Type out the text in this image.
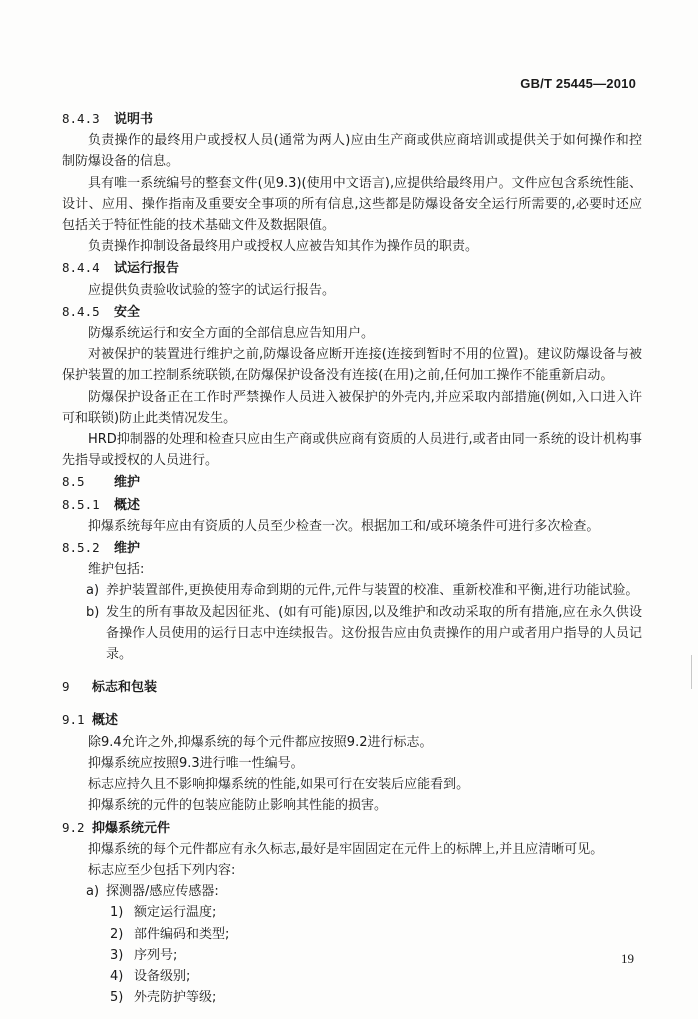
GB/T 25445—2010
8.4.3 说明书
负责操作的最终用户或授权人员(通常为两人)应由生产商或供应商培训或提供关于如何操作和控制防爆设备的信息。
具有唯一系统编号的整套文件(见9.3)(使用中文语言),应提供给最终用户。文件应包含系统性能、设计、应用、操作指南及重要安全事项的所有信息,这些都是防爆设备安全运行所需要的,必要时还应包括关于特征性能的技术基础文件及数据限值。
负责操作抑制设备最终用户或授权人应被告知其作为操作员的职责。
8.4.4 试运行报告
应提供负责验收试验的签字的试运行报告。
8.4.5 安全
防爆系统运行和安全方面的全部信息应告知用户。
对被保护的装置进行维护之前,防爆设备应断开连接(连接到暂时不用的位置)。建议防爆设备与被保护装置的加工控制系统联锁,在防爆保护设备没有连接(在用)之前,任何加工操作不能重新启动。
防爆保护设备正在工作时严禁操作人员进入被保护的外壳内,并应采取内部措施(例如,入口进入许可和联锁)防止此类情况发生。
HRD抑制器的处理和检查只应由生产商或供应商有资质的人员进行,或者由同一系统的设计机构事先指导或授权的人员进行。
8.5 维护
8.5.1 概述
抑爆系统每年应由有资质的人员至少检查一次。根据加工和/或环境条件可进行多次检查。
8.5.2 维护
维护包括:
a) 养护装置部件,更换使用寿命到期的元件,元件与装置的校准、重新校准和平衡,进行功能试验。
b) 发生的所有事故及起因征兆、(如有可能)原因,以及维护和改动采取的所有措施,应在永久供设备操作人员使用的运行日志中连续报告。这份报告应由负责操作的用户或者用户指导的人员记录。
9 标志和包装
9.1 概述
除9.4允许之外,抑爆系统的每个元件都应按照9.2进行标志。
抑爆系统应按照9.3进行唯一性编号。
标志应持久且不影响抑爆系统的性能,如果可行在安装后应能看到。
抑爆系统的元件的包装应能防止影响其性能的损害。
9.2 抑爆系统元件
抑爆系统的每个元件都应有永久标志,最好是牢固固定在元件上的标牌上,并且应清晰可见。
标志应至少包括下列内容:
a) 探测器/感应传感器:
1) 额定运行温度;
2) 部件编码和类型;
3) 序列号;
4) 设备级别;
5) 外壳防护等级;
19
